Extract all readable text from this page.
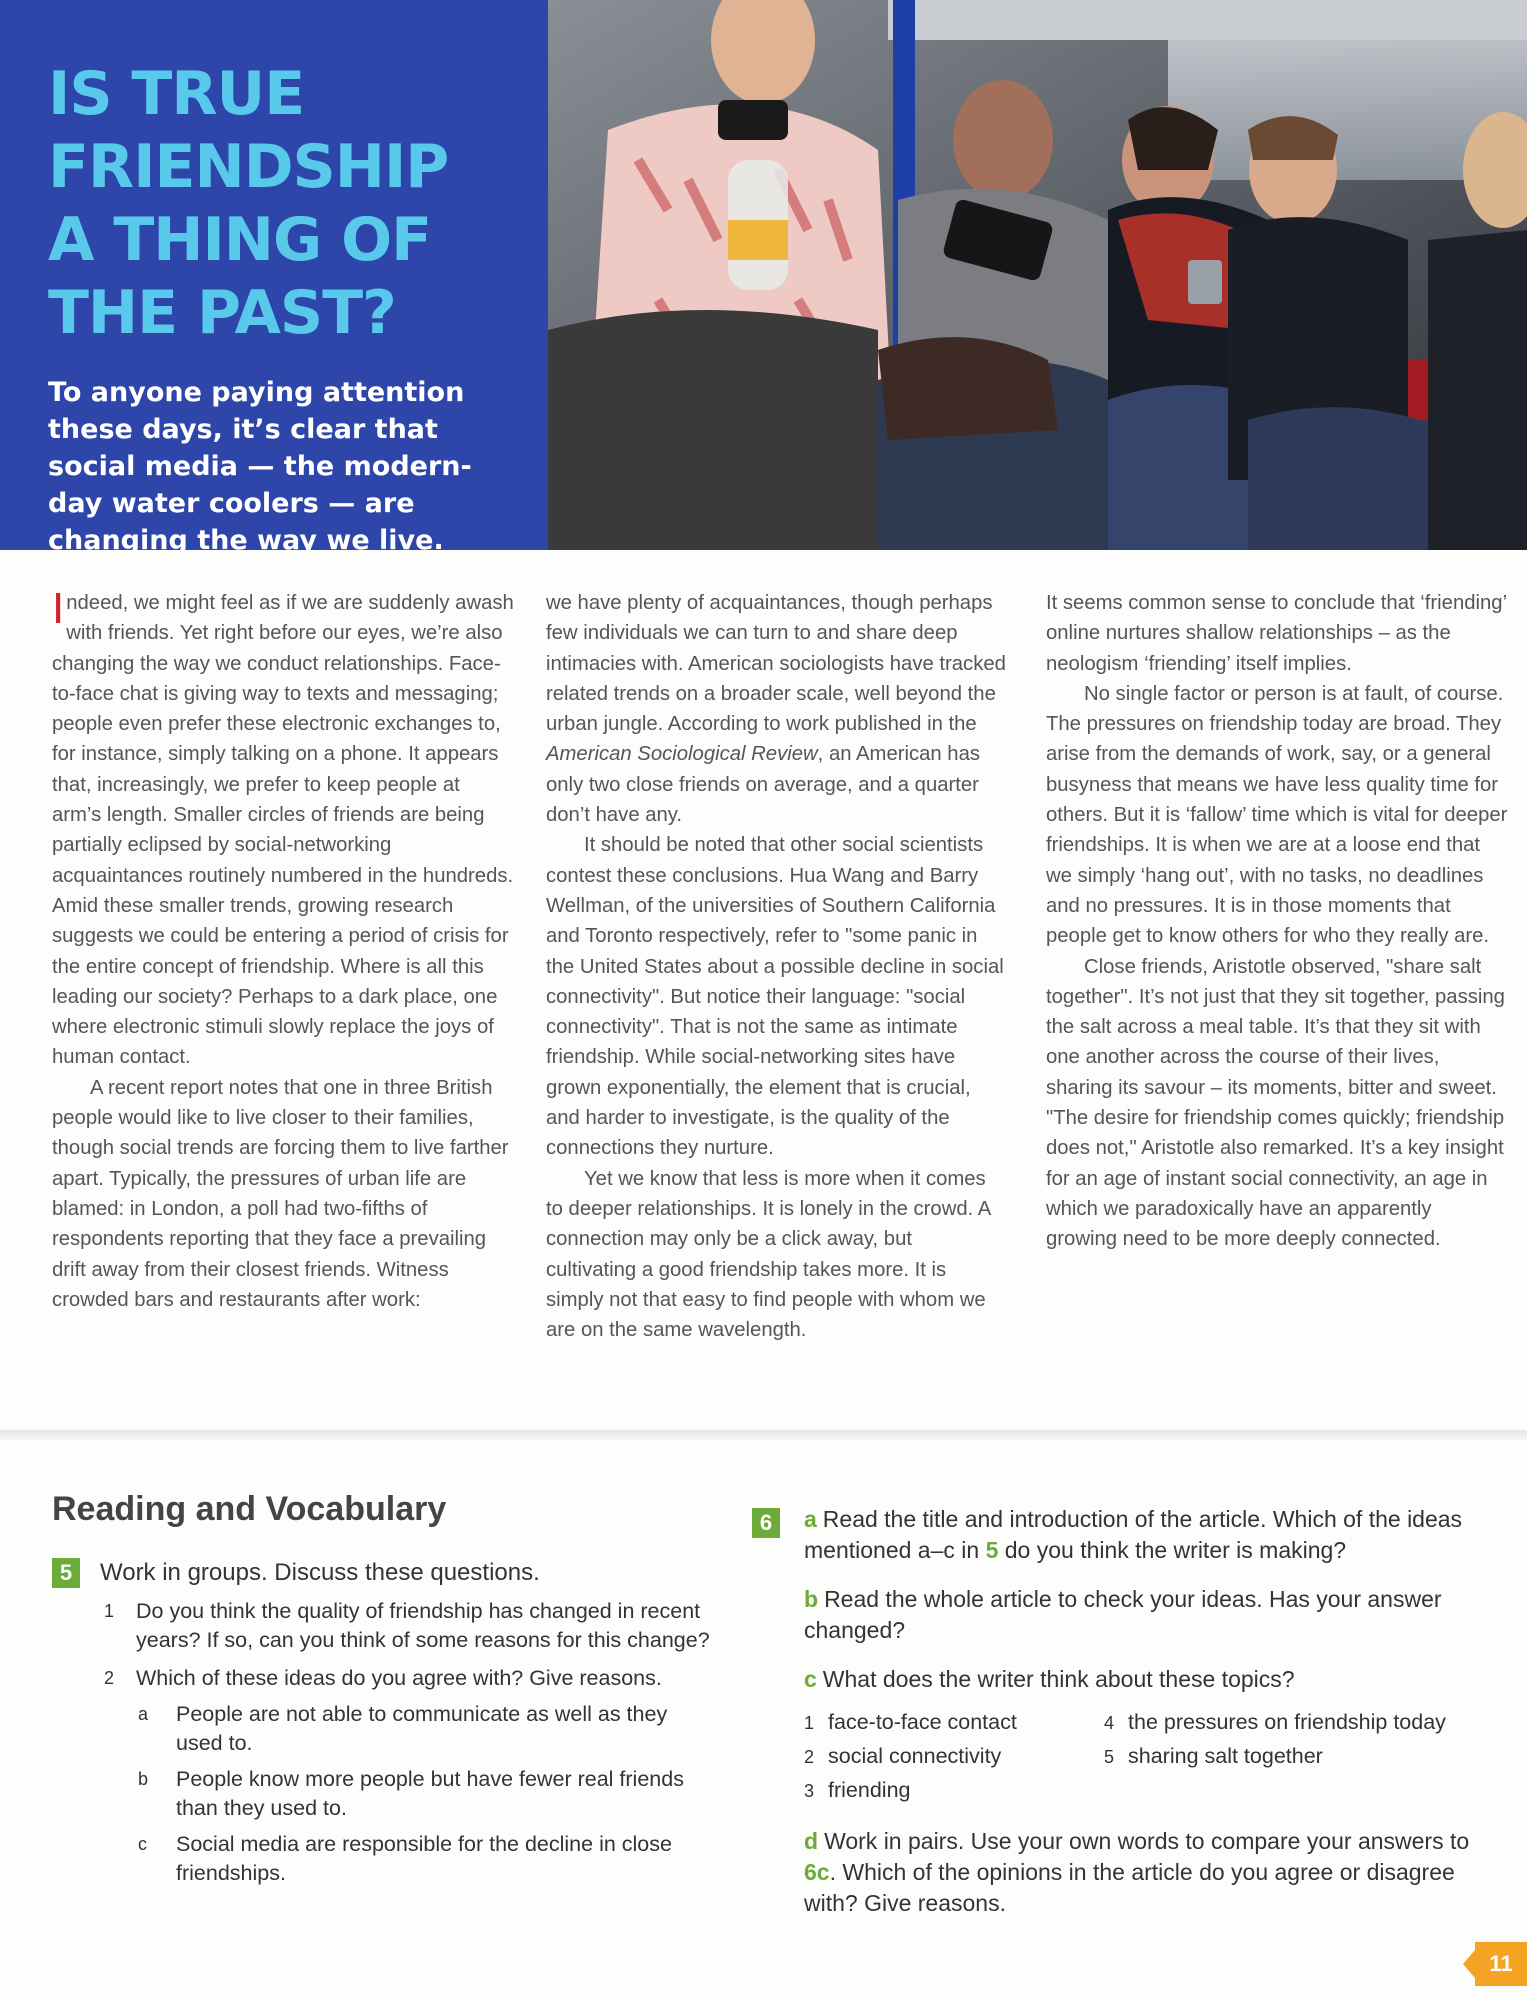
IS TRUE
FRIENDSHIP
A THING OF
THE PAST?

To anyone paying attention these days, it’s clear that social media — the modern-day water coolers — are changing the way we live.

Indeed, we might feel as if we are suddenly awash with friends. Yet right before our eyes, we’re also changing the way we conduct relationships. Face-to-face chat is giving way to texts and messaging; people even prefer these electronic exchanges to, for instance, simply talking on a phone. It appears that, increasingly, we prefer to keep people at arm’s length. Smaller circles of friends are being partially eclipsed by social-networking acquaintances routinely numbered in the hundreds. Amid these smaller trends, growing research suggests we could be entering a period of crisis for the entire concept of friendship. Where is all this leading our society? Perhaps to a dark place, one where electronic stimuli slowly replace the joys of human contact.

A recent report notes that one in three British people would like to live closer to their families, though social trends are forcing them to live farther apart. Typically, the pressures of urban life are blamed: in London, a poll had two-fifths of respondents reporting that they face a prevailing drift away from their closest friends. Witness crowded bars and restaurants after work:

we have plenty of acquaintances, though perhaps few individuals we can turn to and share deep intimacies with. American sociologists have tracked related trends on a broader scale, well beyond the urban jungle. According to work published in the American Sociological Review, an American has only two close friends on average, and a quarter don’t have any.

It should be noted that other social scientists contest these conclusions. Hua Wang and Barry Wellman, of the universities of Southern California and Toronto respectively, refer to "some panic in the United States about a possible decline in social connectivity". But notice their language: "social connectivity". That is not the same as intimate friendship. While social-networking sites have grown exponentially, the element that is crucial, and harder to investigate, is the quality of the connections they nurture.

Yet we know that less is more when it comes to deeper relationships. It is lonely in the crowd. A connection may only be a click away, but cultivating a good friendship takes more. It is simply not that easy to find people with whom we are on the same wavelength.

It seems common sense to conclude that ‘friending’ online nurtures shallow relationships – as the neologism ‘friending’ itself implies.

No single factor or person is at fault, of course. The pressures on friendship today are broad. They arise from the demands of work, say, or a general busyness that means we have less quality time for others. But it is ‘fallow’ time which is vital for deeper friendships. It is when we are at a loose end that we simply ‘hang out’, with no tasks, no deadlines and no pressures. It is in those moments that people get to know others for who they really are.

Close friends, Aristotle observed, "share salt together". It’s not just that they sit together, passing the salt across a meal table. It’s that they sit with one another across the course of their lives, sharing its savour – its moments, bitter and sweet. "The desire for friendship comes quickly; friendship does not," Aristotle also remarked. It’s a key insight for an age of instant social connectivity, an age in which we paradoxically have an apparently growing need to be more deeply connected.

Reading and Vocabulary
5	Work in groups. Discuss these questions.
1 Do you think the quality of friendship has changed in recent years? If so, can you think of some reasons for this change?
2 Which of these ideas do you agree with? Give reasons.
a People are not able to communicate as well as they used to.
b People know more people but have fewer real friends than they used to.
c Social media are responsible for the decline in close friendships.
6	a Read the title and introduction of the article. Which of the ideas mentioned a–c in 5 do you think the writer is making?
b Read the whole article to check your ideas. Has your answer changed?
c What does the writer think about these topics?
1 face-to-face contact
2 social connectivity
3 friending
4 the pressures on friendship today
5 sharing salt together
d Work in pairs. Use your own words to compare your answers to 6c. Which of the opinions in the article do you agree or disagree with? Give reasons.
11
